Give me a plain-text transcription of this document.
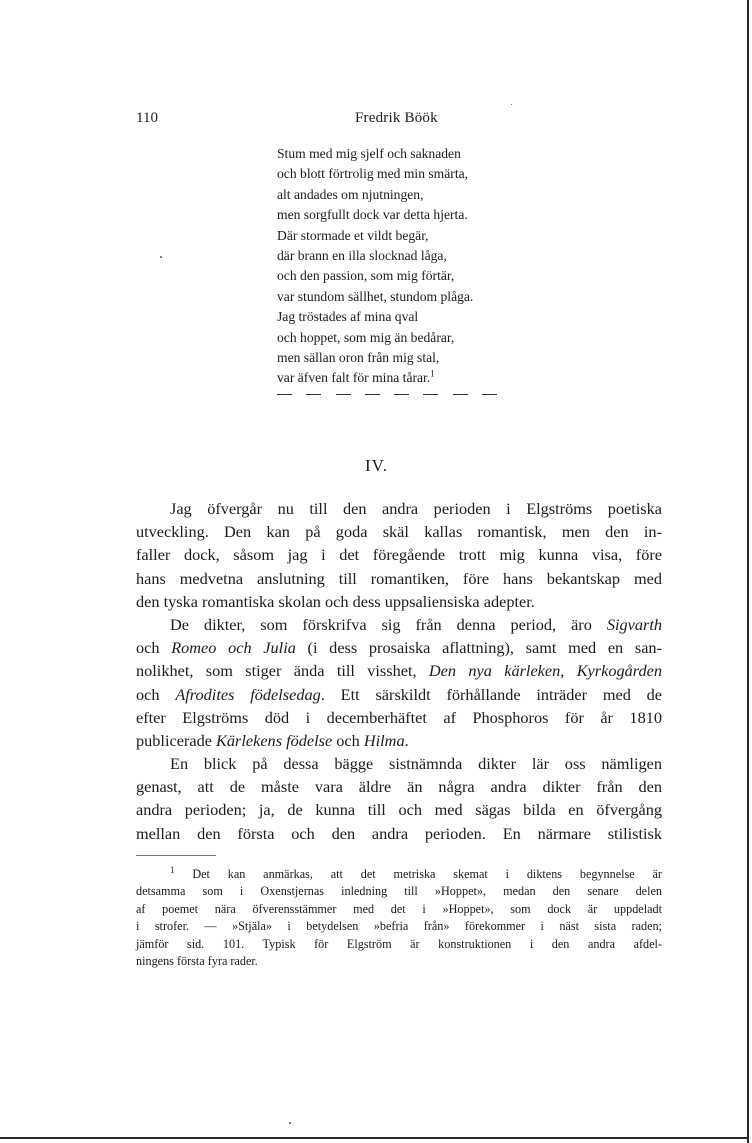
110	Fredrik Böök
Stum med mig sjelf och saknaden
och blott förtrolig med min smärta,
alt andades om njutningen,
men sorgfullt dock var detta hjerta.
Där stormade et vildt begär,
där brann en illa slocknad låga,
och den passion, som mig förtär,
var stundom sällhet, stundom plåga.
Jag tröstades af mina qval
och hoppet, som mig än bedårar,
men sällan oron från mig stal,
var äfven falt för mina tårar.$^1$
IV.
Jag öfvergår nu till den andra perioden i Elgströms poetiska
utveckling. Den kan på goda skäl kallas romantisk, men den in-
faller dock, såsom jag i det föregående trott mig kunna visa, före
hans medvetna anslutning till romantiken, före hans bekantskap med
den tyska romantiska skolan och dess uppsaliensiska adepter.
De dikter, som förskrifva sig från denna period, äro Sigvarth
och Romeo och Julia (i dess prosaiska aflattning), samt med en san-
nolikhet, som stiger ända till visshet, Den nya kärleken, Kyrkogården
och Afrodites födelsedag. Ett särskildt förhållande inträder med de
efter Elgströms död i decemberhäftet af Phosphoros för år 1810
publicerade Kärlekens födelse och Hilma.
En blick på dessa bägge sistnämnda dikter lär oss nämligen
genast, att de måste vara äldre än några andra dikter från den
andra perioden; ja, de kunna till och med sägas bilda en öfvergång
mellan den första och den andra perioden. En närmare stilistisk
$^1$ Det kan anmärkas, att det metriska skemat i diktens begynnelse är
detsamma som i Oxenstjernas inledning till »Hoppet», medan den senare delen
af poemet nära öfverensstämmer med det i »Hoppet», som dock är uppdeladt
i strofer. — »Stjäla» i betydelsen »befria från» förekommer i näst sista raden;
jämför sid. 101. Typisk för Elgström är konstruktionen i den andra afdel-
ningens första fyra rader.
